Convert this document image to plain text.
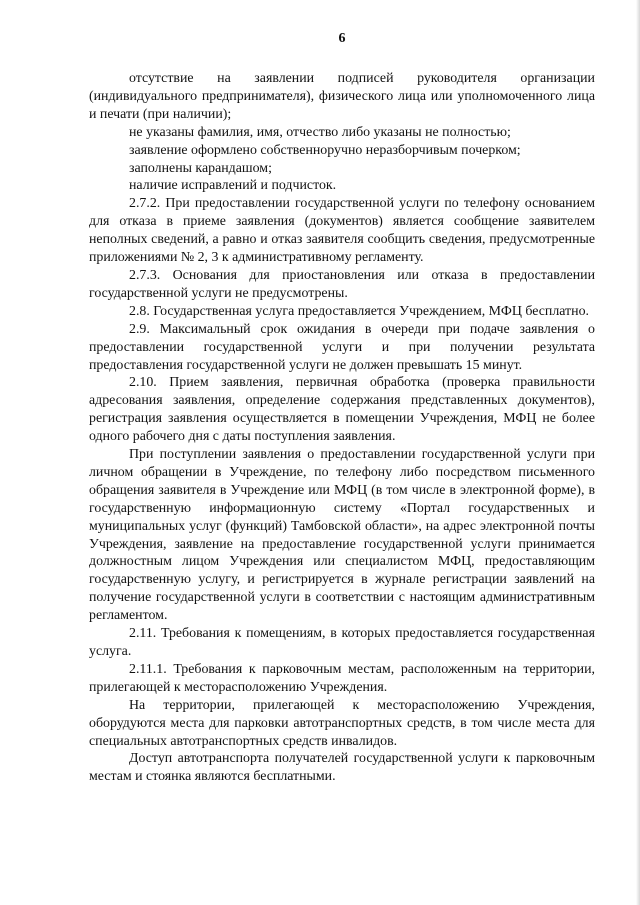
6

отсутствие на заявлении подписей руководителя организации (индивидуального предпринимателя), физического лица или уполномоченного лица и печати (при наличии);

не указаны фамилия, имя, отчество либо указаны не полностью;

заявление оформлено собственноручно неразборчивым почерком;

заполнены карандашом;

наличие исправлений и подчисток.

2.7.2. При предоставлении государственной услуги по телефону основанием для отказа в приеме заявления (документов) является сообщение заявителем неполных сведений, а равно и отказ заявителя сообщить сведения, предусмотренные приложениями № 2, 3 к административному регламенту.

2.7.3. Основания для приостановления или отказа в предоставлении государственной услуги не предусмотрены.

2.8. Государственная услуга предоставляется Учреждением, МФЦ бесплатно.

2.9. Максимальный срок ожидания в очереди при подаче заявления о предоставлении государственной услуги и при получении результата предоставления государственной услуги не должен превышать 15 минут.

2.10. Прием заявления, первичная обработка (проверка правильности адресования заявления, определение содержания представленных документов), регистрация заявления осуществляется в помещении Учреждения, МФЦ не более одного рабочего дня с даты поступления заявления.

При поступлении заявления о предоставлении государственной услуги при личном обращении в Учреждение, по телефону либо посредством письменного обращения заявителя в Учреждение или МФЦ (в том числе в электронной форме), в государственную информационную систему «Портал государственных и муниципальных услуг (функций) Тамбовской области», на адрес электронной почты Учреждения, заявление на предоставление государственной услуги принимается должностным лицом Учреждения или специалистом МФЦ, предоставляющим государственную услугу, и регистрируется в журнале регистрации заявлений на получение государственной услуги в соответствии с настоящим административным регламентом.

2.11. Требования к помещениям, в которых предоставляется государственная услуга.

2.11.1. Требования к парковочным местам, расположенным на территории, прилегающей к месторасположению Учреждения.

На территории, прилегающей к месторасположению Учреждения, оборудуются места для парковки автотранспортных средств, в том числе места для специальных автотранспортных средств инвалидов.

Доступ автотранспорта получателей государственной услуги к парковочным местам и стоянка являются бесплатными.
